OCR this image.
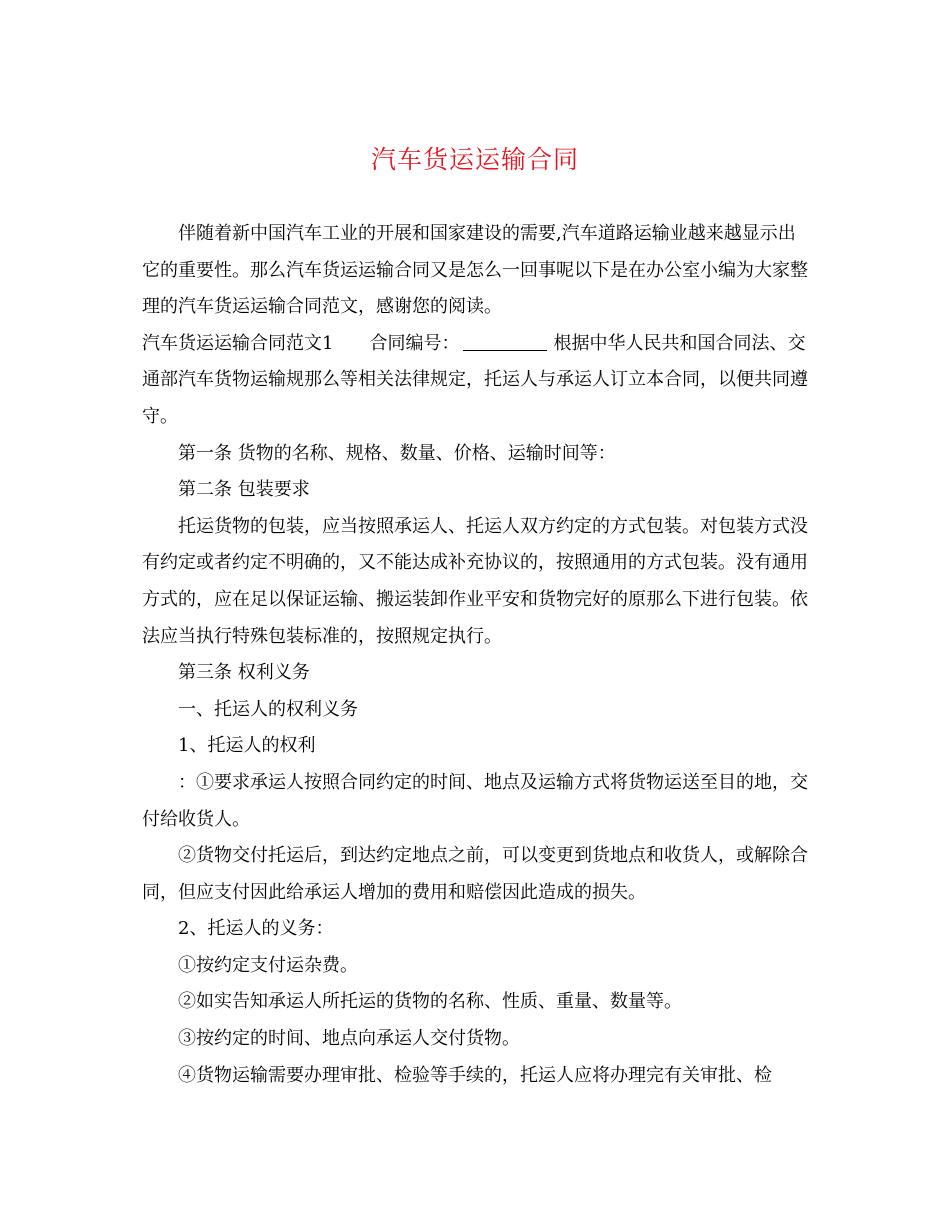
汽车货运运输合同

伴随着新中国汽车工业的开展和国家建设的需要,汽车道路运输业越来越显示出它的重要性。那么汽车货运运输合同又是怎么一回事呢以下是在办公室小编为大家整理的汽车货运运输合同范文，感谢您的阅读。

汽车货运运输合同范文1 合同编号：	根据中华人民共和国合同法、交通部汽车货物运输规那么等相关法律规定，托运人与承运人订立本合同，以便共同遵守。

第一条 货物的名称、规格、数量、价格、运输时间等：

第二条 包装要求

托运货物的包装，应当按照承运人、托运人双方约定的方式包装。对包装方式没有约定或者约定不明确的，又不能达成补充协议的，按照通用的方式包装。没有通用方式的，应在足以保证运输、搬运装卸作业平安和货物完好的原那么下进行包装。依法应当执行特殊包装标准的，按照规定执行。

第三条 权利义务

一、托运人的权利义务

1、托运人的权利

：①要求承运人按照合同约定的时间、地点及运输方式将货物运送至目的地，交付给收货人。

②货物交付托运后，到达约定地点之前，可以变更到货地点和收货人，或解除合同，但应支付因此给承运人增加的费用和赔偿因此造成的损失。

2、托运人的义务：

①按约定支付运杂费。

②如实告知承运人所托运的货物的名称、性质、重量、数量等。

③按约定的时间、地点向承运人交付货物。

④货物运输需要办理审批、检验等手续的，托运人应将办理完有关审批、检
